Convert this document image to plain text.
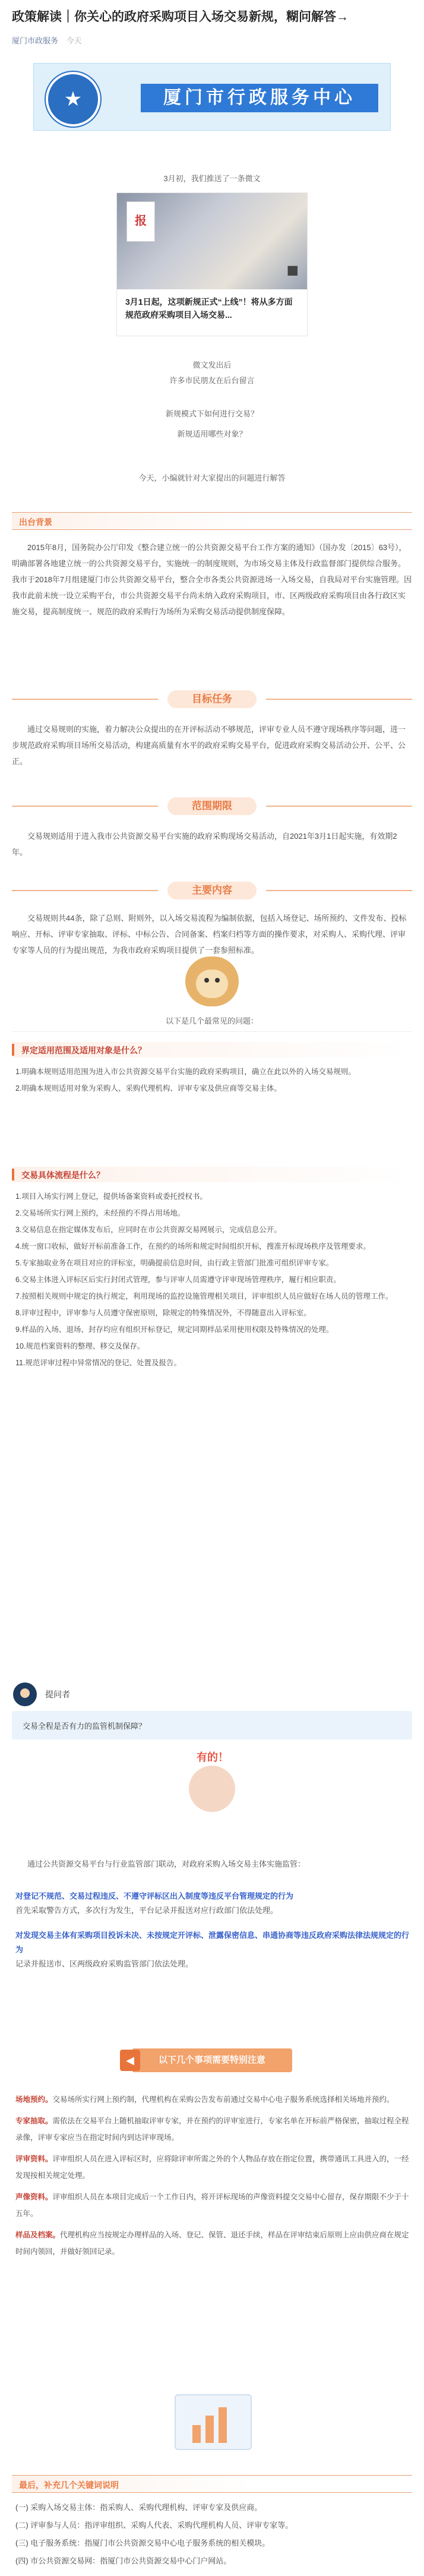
政策解读｜你关心的政府采购项目入场交易新规，糊问解答→
厦门市政服务 今天
★	厦门市行政服务中心
3月初，我们推送了一条微文
报
■
3月1日起，这项新规正式“上线”！将从多方面规范政府采购项目入场交易...
微文发出后
许多市民朋友在后台留言
新规模式下如何进行交易？
新规适用哪些对象？
今天，小编就针对大家提出的问题进行解答
出台背景
2015年8月，国务院办公厅印发《整合建立统一的公共资源交易平台工作方案的通知》（国办发〔2015〕63号），明确部署各地建立统一的公共资源交易平台，实施统一的制度规则，为市场交易主体及行政监督部门提供综合服务。我市于2018年7月组建厦门市公共资源交易平台，整合全市各类公共资源进场一入场交易，自我局对平台实施管理。因我市此前未统一设立采购平台，市公共资源交易平台尚未纳入政府采购项目，市、区两级政府采购项目由各行政区实施交易，提高制度统一、规范的政府采购行为场所为采购交易活动提供制度保障。
目标任务
通过交易规则的实施，着力解决公众提出的在开评标活动不够规范，评审专业人员不遵守现场秩序等问题，进一步规范政府采购项目场所交易活动，构建高质量有水平的政府采购交易平台，促进政府采购交易活动公开、公平、公正。
范围期限
交易规则适用于进入我市公共资源交易平台实施的政府采购现场交易活动，自2021年3月1日起实施，有效期2年。
主要内容
交易规则共44条，除了总则、附则外，以入场交易流程为编制依据，包括入场登记、场所预约、文件发布、投标响应、开标、评审专家抽取、评标、中标公告、合同备案、档案归档等方面的操作要求，对采购人、采购代理、评审专家等人员的行为提出规范，为我市政府采购项目提供了一套参照标准。
以下是几个最常见的问题：
界定适用范围及适用对象是什么？

1.明确本规则适用范围为进入市公共资源交易平台实施的政府采购项目，确立在此以外的入场交易规则。

2.明确本规则适用对象为采购人、采购代理机构、评审专家及供应商等交易主体。

交易具体流程是什么？

1.项目入场实行网上登记，提供场备案资料或委托授权书。

2.交易场所实行网上预约，未经预约不得占用场地。

3.交易信息在指定媒体发布后，应同时在市公共资源交易网展示，完成信息公开。

4.统一窗口收标，做好开标前准备工作，在预约的场所和规定时间组织开标，搜准开标现场秩序及管理要求。

5.专家抽取业务在项目对应的评标室，明确提前信息时间，由行政主管部门批准可组织评审专家。

6.交易主体进入评标区后实行封闭式管理，参与评审人员需遵守评审现场管理秩序，履行相应职责。

7.按照相关规则中规定的执行规定，利用现场的监控设施管理相关项目，评审组织人员应做好在场人员的管理工作。

8.评审过程中，评审参与人员遵守保密原则，除规定的特殊情况外，不得随意出入评标室。

9.样品的入场、退场、封存均应有组织开标登记，规定同期样品采用使用权限及特殊情况的处理。

10.规范档案资料的整理、移交及保存。

11.规范评审过程中异常情况的登记、处置及报告。

提问者
交易全程是否有力的监管机制保障？
有的！
通过公共资源交易平台与行业监管部门联动，对政府采购入场交易主体实施监管：
对登记不规范、交易过程违反、不遵守评标区出入制度等违反平台管理规定的行为
首先采取警告方式，多次行为发生，平台记录并报送对应行政部门依法处理。
对发现交易主体有采购项目投诉未决、未按规定开评标、泄露保密信息、串通协商等违反政府采购法律法规规定的行为
记录并报送市、区两级政府采购监管部门依法处理。
◀	以下几个事项需要特别注意

场地预约。交易场所实行网上预约制，代理机构在采购公告发布前通过交易中心电子服务系统选择相关场地并预约。

专家抽取。需依法在交易平台上随机抽取评审专家，并在预约的评审室进行，专家名单在开标前严格保密，抽取过程全程录像，评审专家应当在指定时间内到达评审现场。

评审资料。评审组织人员在进入评标区时，应将除评审所需之外的个人物品存放在指定位置，携带通讯工具进入的，一经发现按相关规定处理。

声像资料。评审组织人员在本项目完成后一个工作日内，将开评标现场的声像资料提交交易中心留存，保存期限不少于十五年。

样品及档案。代理机构应当按规定办理样品的入场、登记、保管、退还手续，样品在评审结束后原则上应由供应商在规定时间内领回，并做好领回记录。

最后，补充几个关键词说明

(一) 采购入场交易主体：指采购人、采购代理机构、评审专家及供应商。

(二) 评审参与人员：指评审组织、采购人代表、采购代理机构人员、评审专家等。

(三) 电子服务系统：指厦门市公共资源交易中心电子服务系统的相关模块。

(四) 市公共资源交易网：指厦门市公共资源交易中心门户网站。
